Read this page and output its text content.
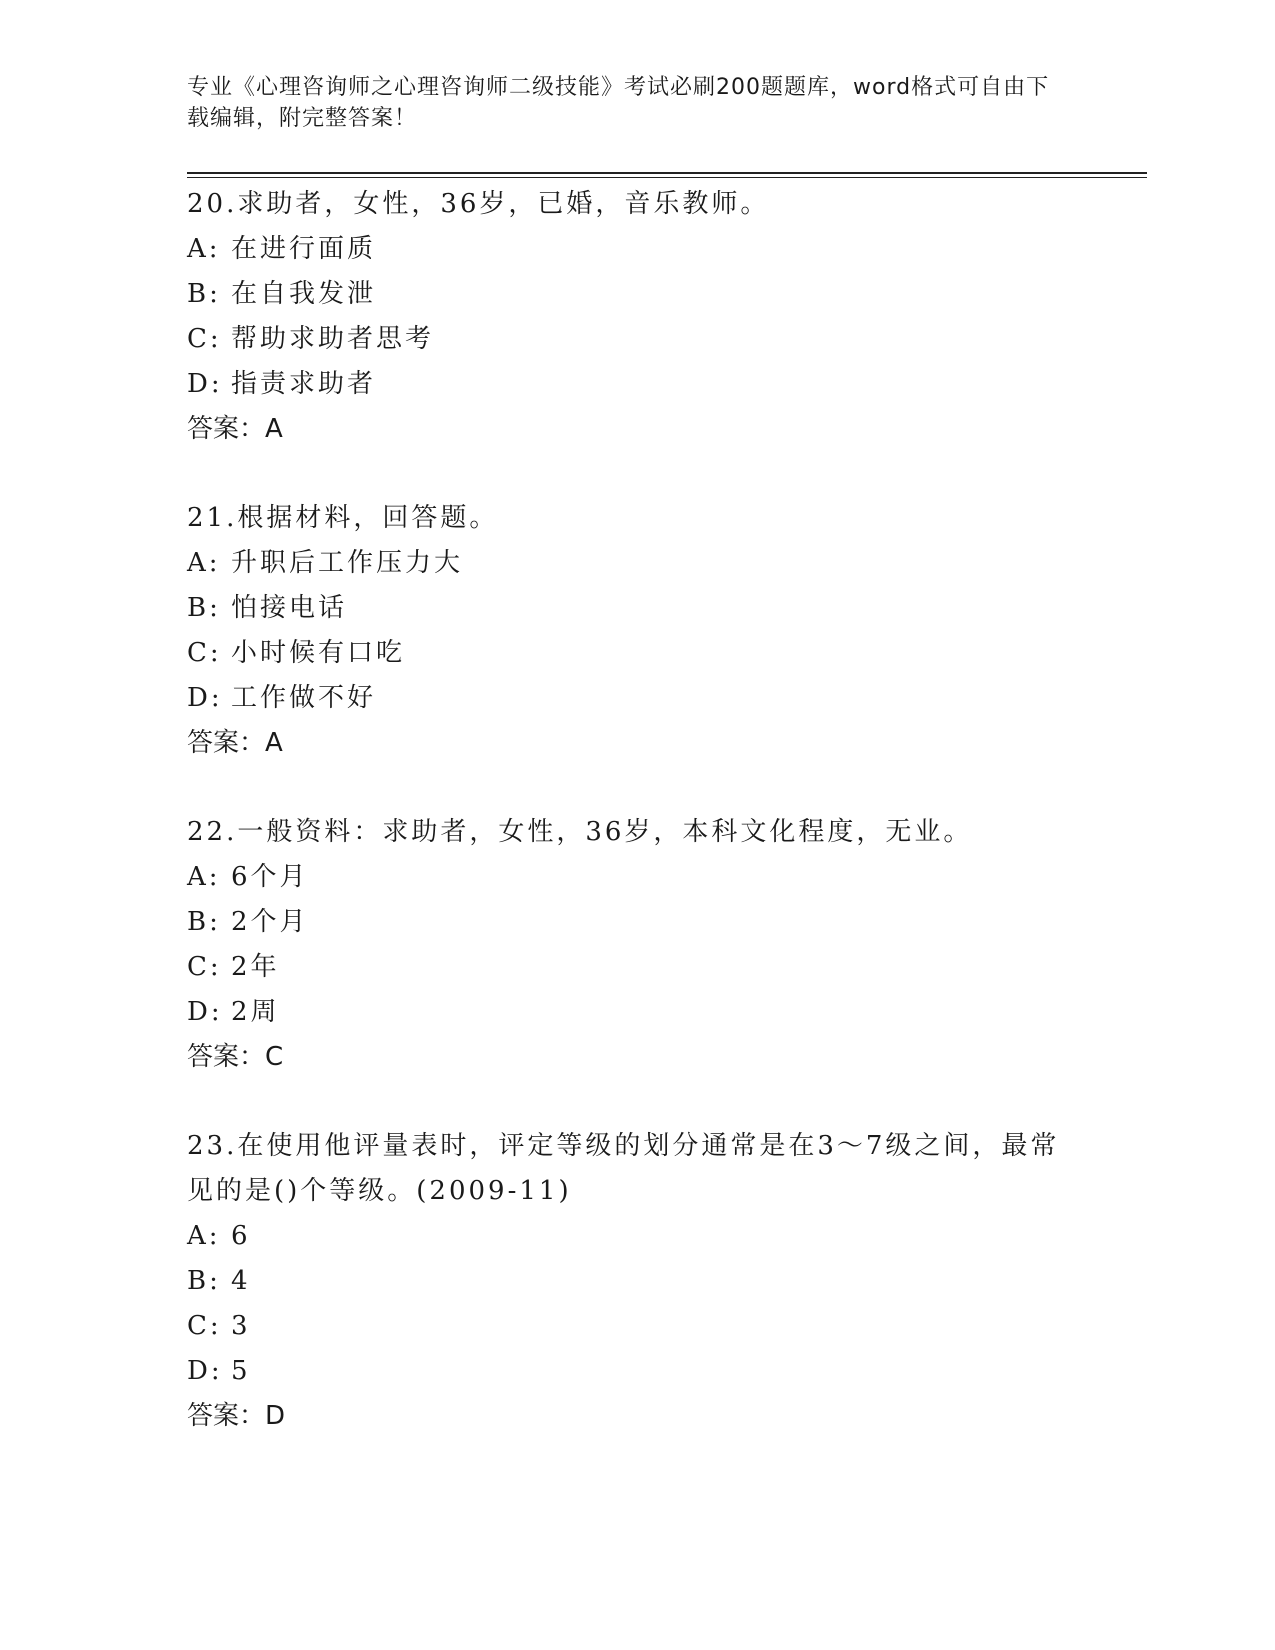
专业《心理咨询师之心理咨询师二级技能》考试必刷200题题库，word格式可自由下载编辑，附完整答案！

20.求助者，女性，36岁，已婚，音乐教师。

A: 在进行面质

B: 在自我发泄

C: 帮助求助者思考

D: 指责求助者

答案：A

21.根据材料，回答题。

A: 升职后工作压力大

B: 怕接电话

C: 小时候有口吃

D: 工作做不好

答案：A

22.一般资料：求助者，女性，36岁，本科文化程度，无业。

A: 6个月

B: 2个月

C: 2年

D: 2周

答案：C

23.在使用他评量表时，评定等级的划分通常是在3～7级之间，最常见的是()个等级。(2009-11)

A: 6

B: 4

C: 3

D: 5

答案：D
